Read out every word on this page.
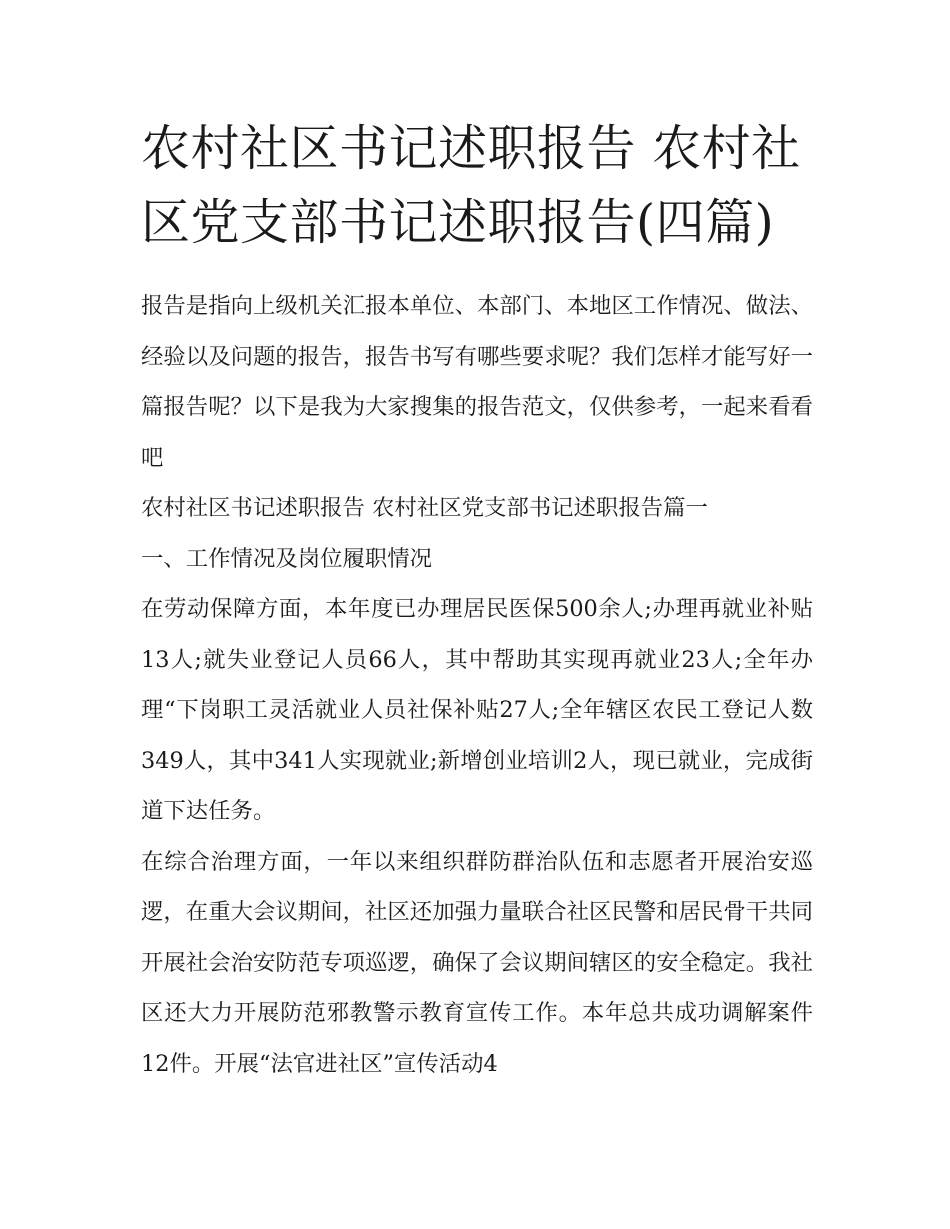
农村社区书记述职报告 农村社区党支部书记述职报告(四篇)

报告是指向上级机关汇报本单位、本部门、本地区工作情况、做法、经验以及问题的报告，报告书写有哪些要求呢？我们怎样才能写好一篇报告呢？以下是我为大家搜集的报告范文，仅供参考，一起来看看吧

农村社区书记述职报告 农村社区党支部书记述职报告篇一

一、工作情况及岗位履职情况

在劳动保障方面，本年度已办理居民医保500余人;办理再就业补贴13人;就失业登记人员66人，其中帮助其实现再就业23人;全年办理“下岗职工灵活就业人员社保补贴27人;全年辖区农民工登记人数349人，其中341人实现就业;新增创业培训2人，现已就业，完成街道下达任务。

在综合治理方面，一年以来组织群防群治队伍和志愿者开展治安巡逻，在重大会议期间，社区还加强力量联合社区民警和居民骨干共同开展社会治安防范专项巡逻，确保了会议期间辖区的安全稳定。我社区还大力开展防范邪教警示教育宣传工作。本年总共成功调解案件12件。开展“法官进社区”宣传活动4
